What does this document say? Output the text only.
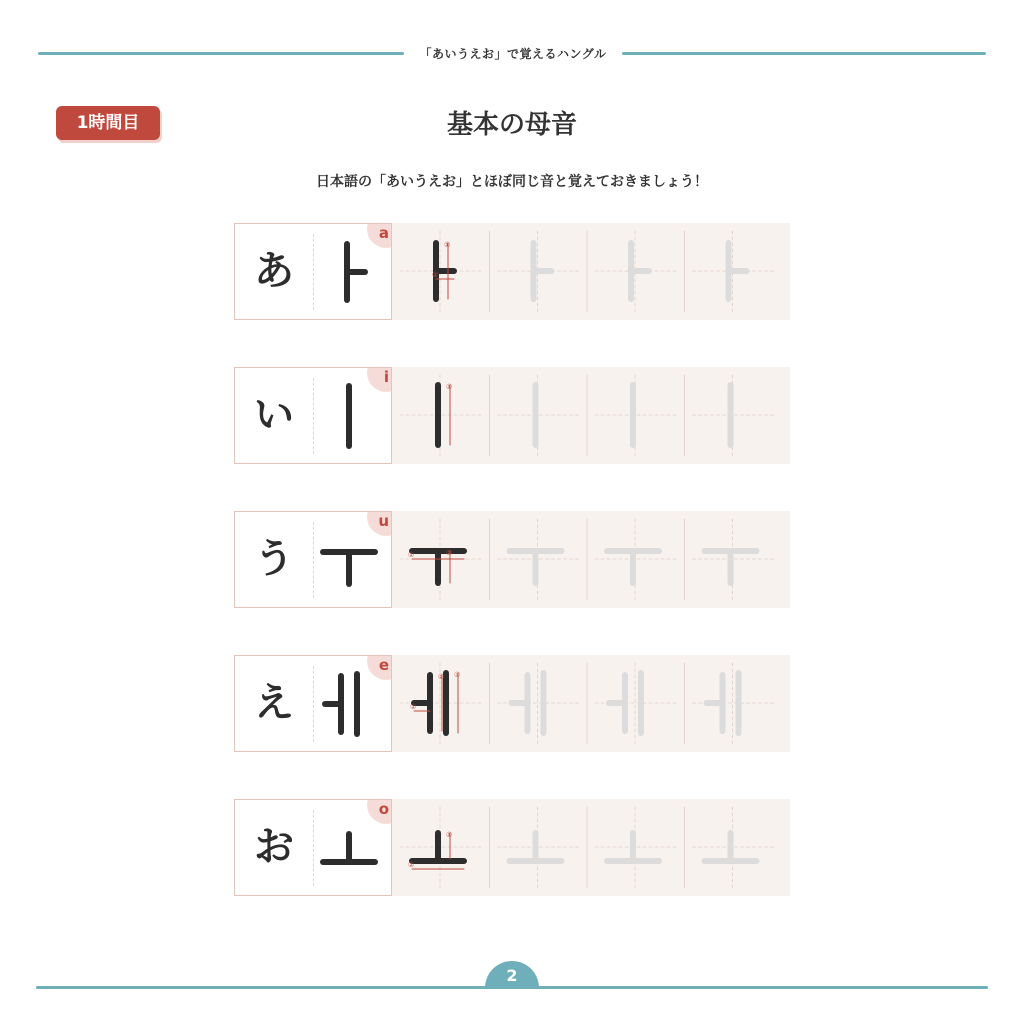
「あいうえお」で覚えるハングル
1時間目	基本の母音
日本語の「あいうえお」とほぼ同じ音と覚えておきましょう！
あ
a
①
②
い
i
①
う
u
①	②
え
e
①
② ③
お
o
①
②
2
